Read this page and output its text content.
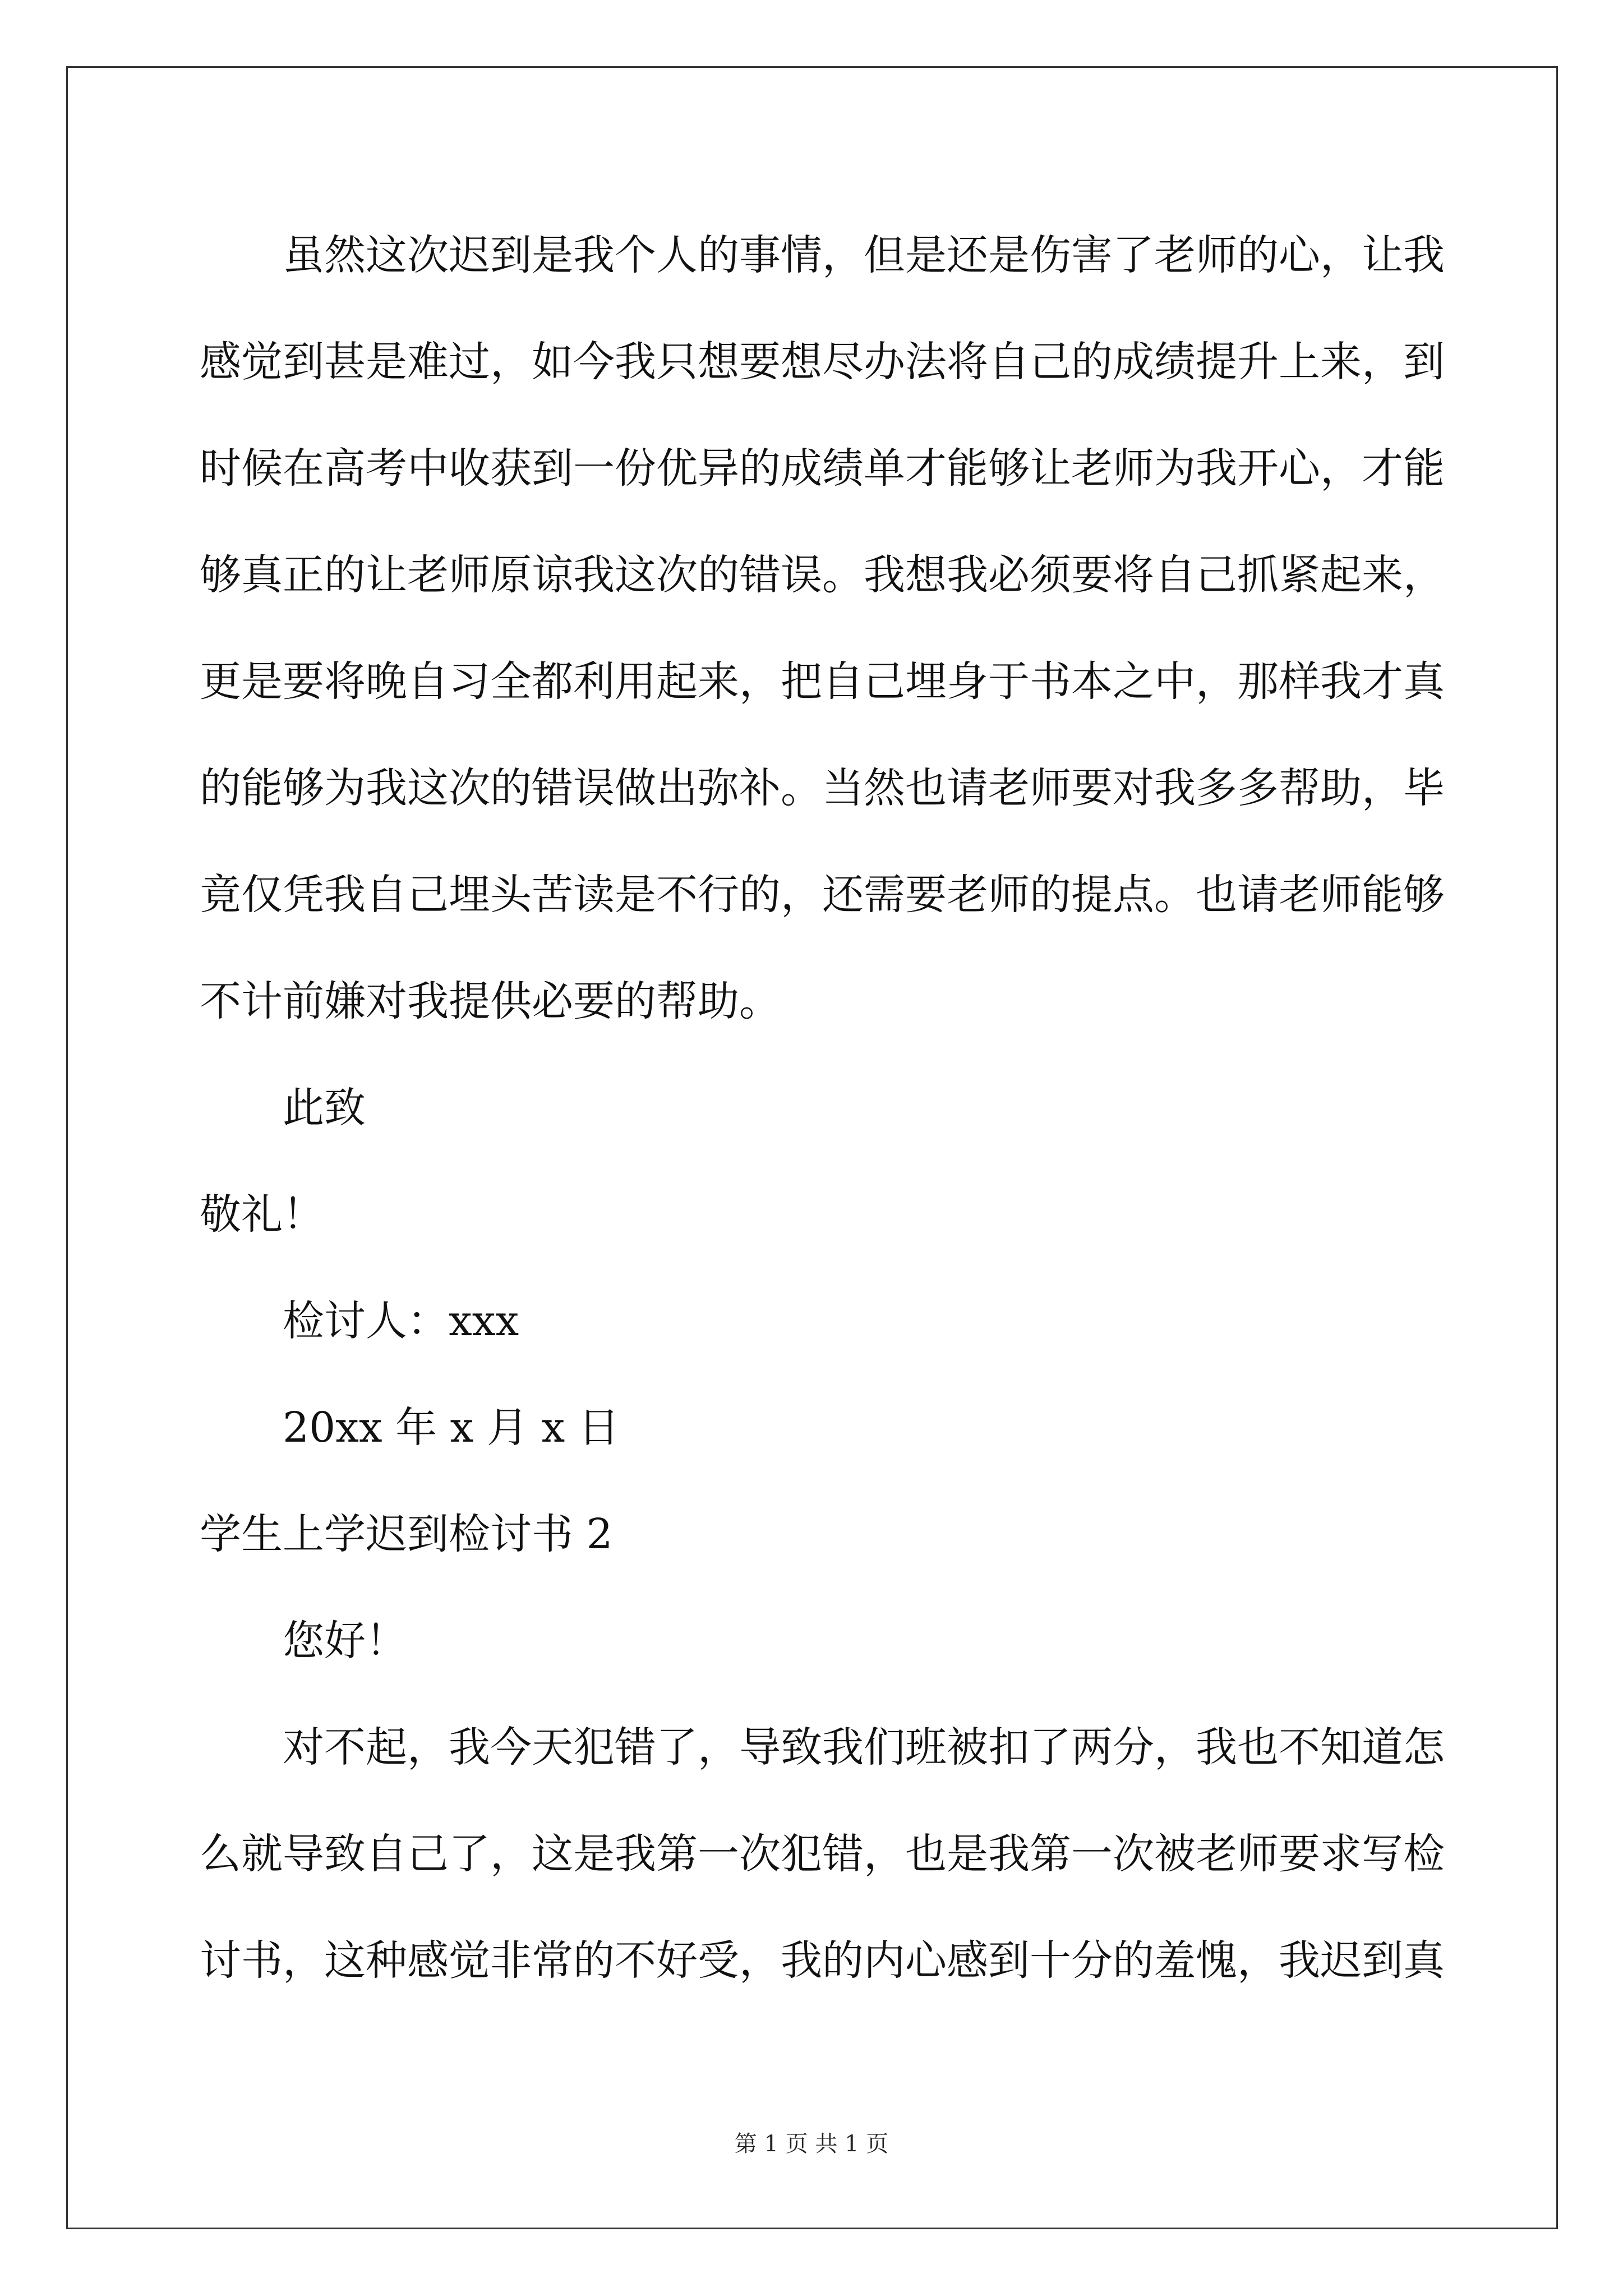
虽然这次迟到是我个人的事情，但是还是伤害了老师的心，让我
感觉到甚是难过，如今我只想要想尽办法将自己的成绩提升上来，到
时候在高考中收获到一份优异的成绩单才能够让老师为我开心，才能
够真正的让老师原谅我这次的错误。我想我必须要将自己抓紧起来，
更是要将晚自习全都利用起来，把自己埋身于书本之中，那样我才真
的能够为我这次的错误做出弥补。当然也请老师要对我多多帮助，毕
竟仅凭我自己埋头苦读是不行的，还需要老师的提点。也请老师能够
不计前嫌对我提供必要的帮助。
此致
敬礼！
检讨人：xxx
20xx 年 x 月 x 日
学生上学迟到检讨书 2
您好！
对不起，我今天犯错了，导致我们班被扣了两分，我也不知道怎
么就导致自己了，这是我第一次犯错，也是我第一次被老师要求写检
讨书，这种感觉非常的不好受，我的内心感到十分的羞愧，我迟到真
第 1 页 共 1 页
